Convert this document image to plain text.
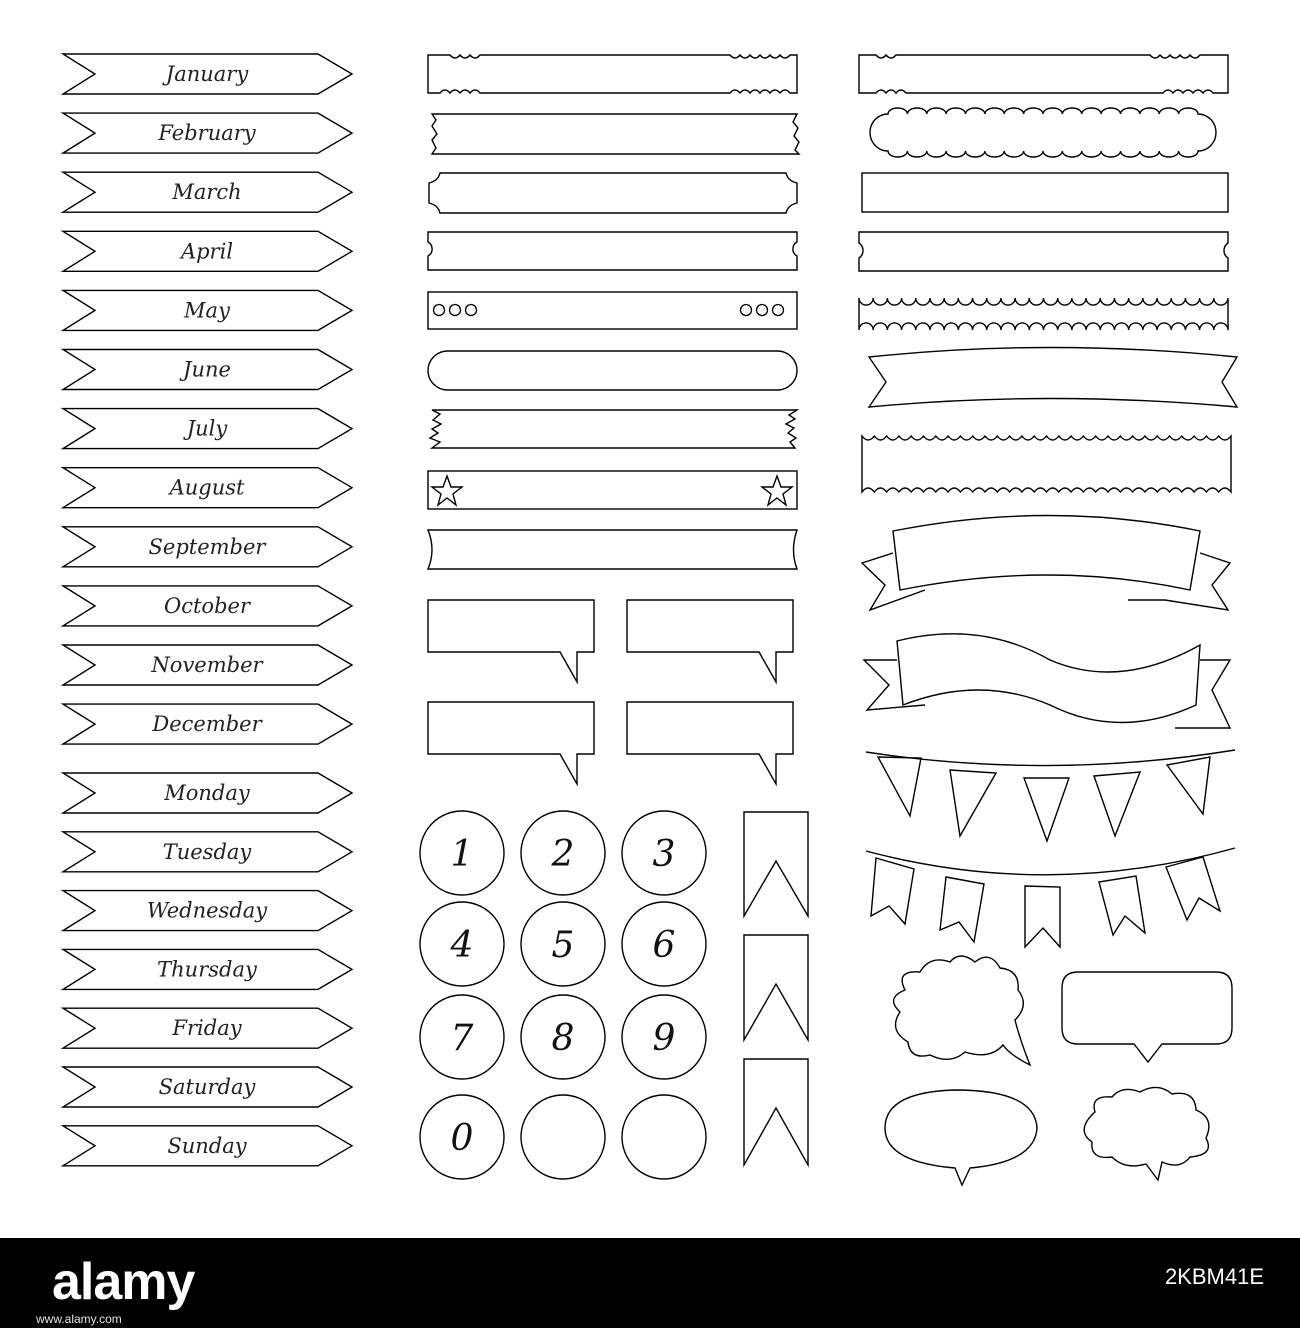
January
February
March
April
May
June
July
August
September
October
November
December
Monday
Tuesday
Wednesday
Thursday
Friday
Saturday
Sunday
1 2 3
4 5 6
7 8 9
0
alamy
www.alamy.com
2KBM41E
